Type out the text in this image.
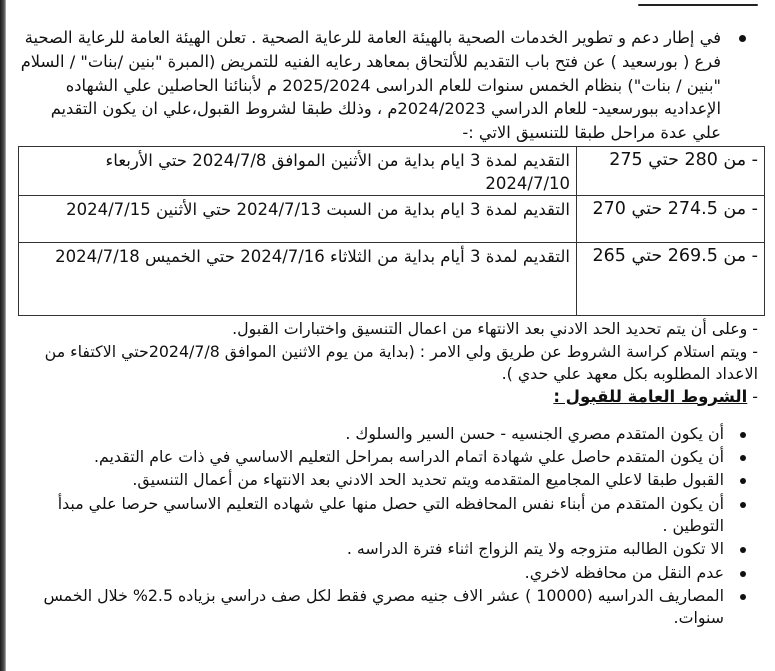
في إطار دعم و تطوير الخدمات الصحية بالهيئة العامة للرعاية الصحية . تعلن الهيئة العامة للرعاية الصحية فرع ( بورسعيد ) عن فتح باب التقديم للألتحاق بمعاهد رعايه الفنيه للتمريض (المبرة "بنين /بنات" / السلام "بنين / بنات") بنظام الخمس سنوات للعام الدراسى 2025/2024 م لأبنائنا الحاصلين علي الشهاده الإعداديه ببورسعيد- للعام الدراسي 2024/2023م ، وذلك طبقا لشروط القبول،علي ان يكون التقديم علي عدة مراحل طبقا للتنسيق الاتي :-
- من 280 حتي 275	التقديم لمدة 3 ايام بداية من الأثنين الموافق 2024/7/8 حتي الأربعاء 2024/7/10
- من 274.5 حتي 270	التقديم لمدة 3 ايام بداية من السبت 2024/7/13 حتي الأثنين 2024/7/15
- من 269.5 حتي 265	التقديم لمدة 3 أيام بداية من الثلاثاء 2024/7/16 حتي الخميس 2024/7/18

- وعلى أن يتم تحديد الحد الادني بعد الانتهاء من اعمال التنسيق واختبارات القبول.

- ويتم استلام كراسة الشروط عن طريق ولي الامر : (بداية من يوم الاثنين الموافق 2024/7/8حتي الاكتفاء من الاعداد المطلوبه بكل معهد علي حدي ).

- الشروط العامة للقبول :

أن يكون المتقدم مصري الجنسيه - حسن السير والسلوك .
أن يكون المتقدم حاصل علي شهادة اتمام الدراسه بمراحل التعليم الاساسي في ذات عام التقديم.
القبول طبقا لاعلي المجاميع المتقدمه ويتم تحديد الحد الادني بعد الانتهاء من أعمال التنسيق.
أن يكون المتقدم من أبناء نفس المحافظه التي حصل منها علي شهاده التعليم الاساسي حرصا علي مبدأ التوطين .
الا تكون الطالبه متزوجه ولا يتم الزواج اثناء فترة الدراسه .
عدم النقل من محافظه لاخري.
المصاريف الدراسيه (10000 ) عشر الاف جنيه مصري فقط لكل صف دراسي بزياده 2.5% خلال الخمس سنوات.
